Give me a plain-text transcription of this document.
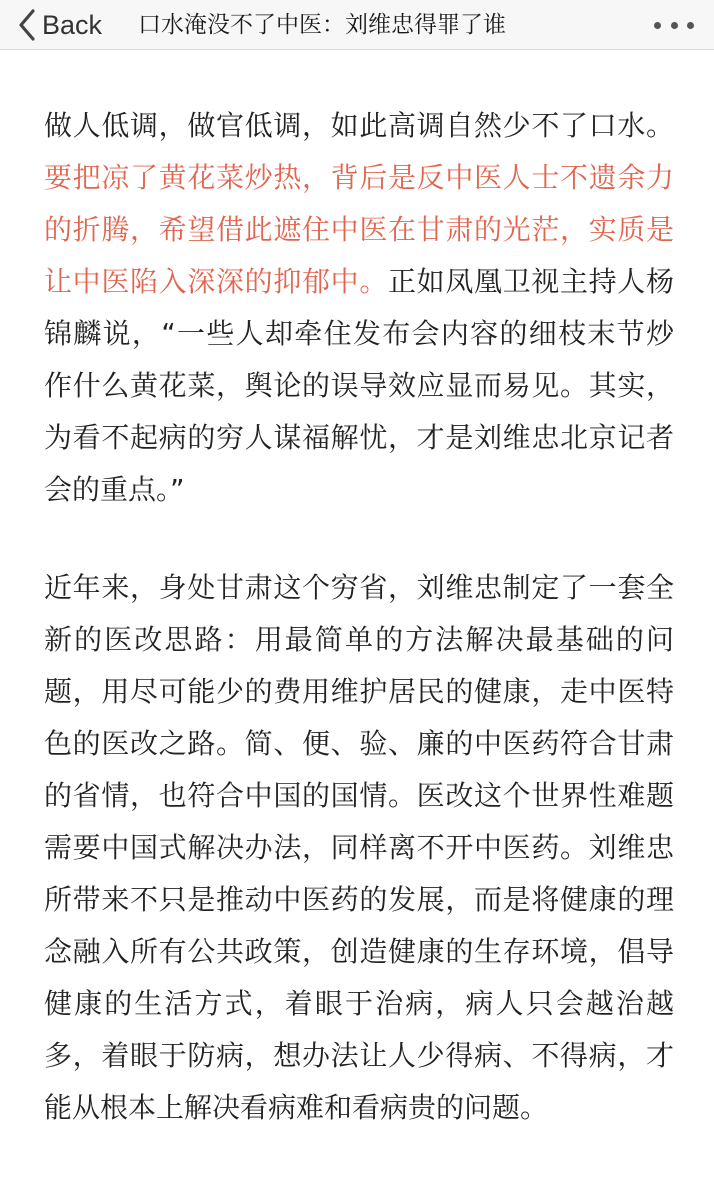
Back 口水淹没不了中医：刘维忠得罪了谁

做人低调，做官低调，如此高调自然少不了口水。要把凉了黄花菜炒热，背后是反中医人士不遗余力的折腾，希望借此遮住中医在甘肃的光茫，实质是让中医陷入深深的抑郁中。正如凤凰卫视主持人杨锦麟说，“一些人却牵住发布会内容的细枝末节炒作什么黄花菜，舆论的误导效应显而易见。其实，为看不起病的穷人谋福解忧，才是刘维忠北京记者会的重点。”

近年来，身处甘肃这个穷省，刘维忠制定了一套全新的医改思路：用最简单的方法解决最基础的问题，用尽可能少的费用维护居民的健康，走中医特色的医改之路。简、便、验、廉的中医药符合甘肃的省情，也符合中国的国情。医改这个世界性难题需要中国式解决办法，同样离不开中医药。刘维忠所带来不只是推动中医药的发展，而是将健康的理念融入所有公共政策，创造健康的生存环境，倡导健康的生活方式，着眼于治病，病人只会越治越多，着眼于防病，想办法让人少得病、不得病，才能从根本上解决看病难和看病贵的问题。
